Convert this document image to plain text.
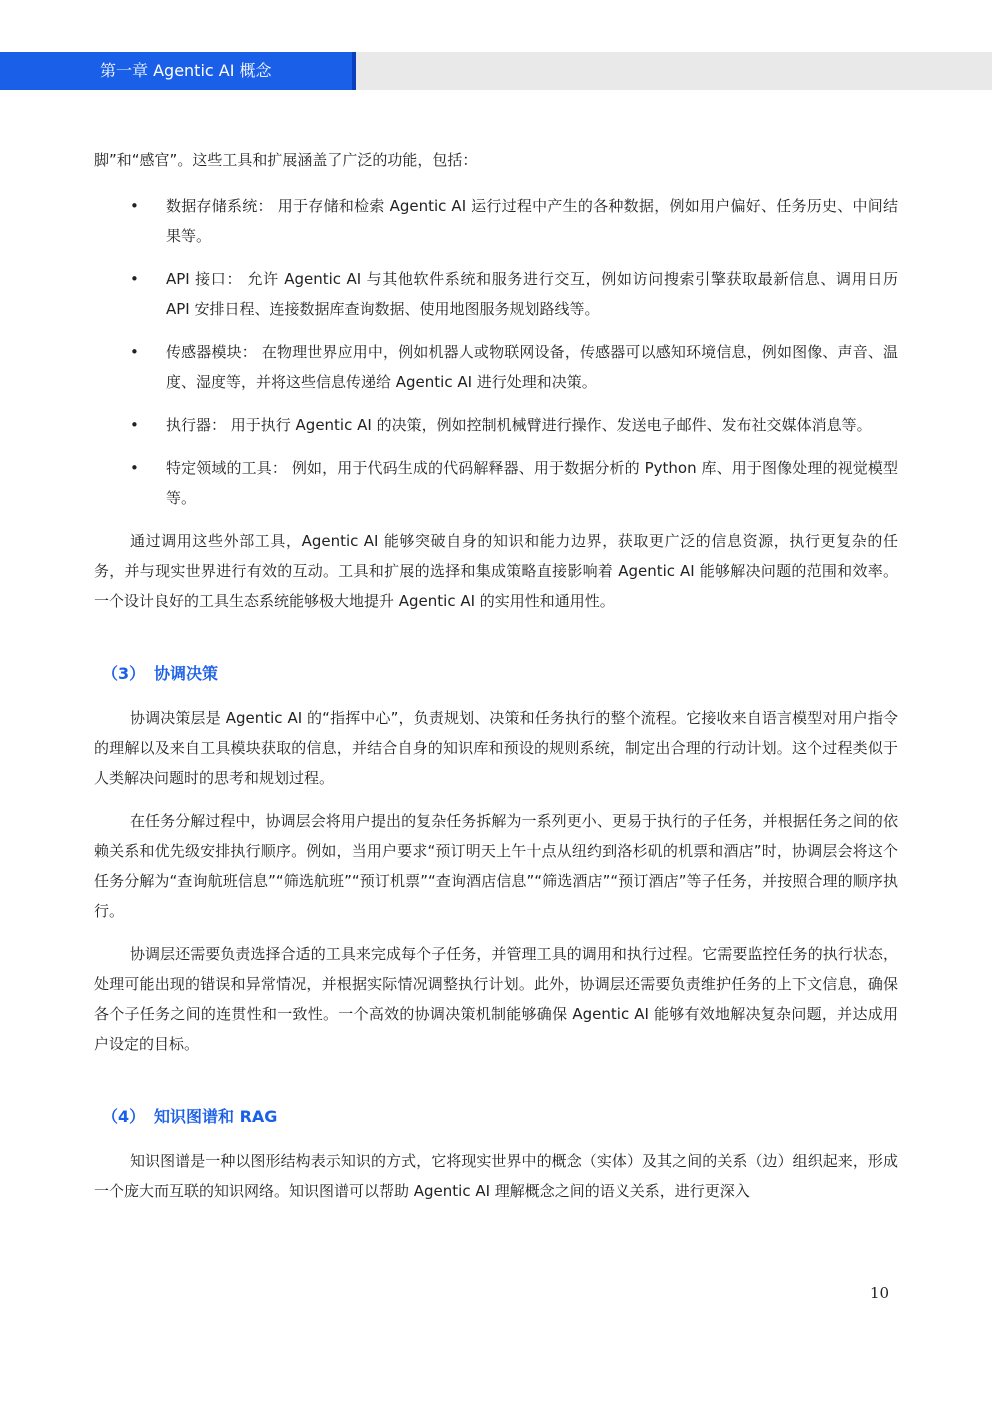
第一章 Agentic AI 概念

脚”和“感官”。这些工具和扩展涵盖了广泛的功能，包括：

• 数据存储系统： 用于存储和检索 Agentic AI 运行过程中产生的各种数据，例如用户偏好、任务历史、中间结果等。
• API 接口： 允许 Agentic AI 与其他软件系统和服务进行交互，例如访问搜索引擎获取最新信息、调用日历 API 安排日程、连接数据库查询数据、使用地图服务规划路线等。
• 传感器模块： 在物理世界应用中，例如机器人或物联网设备，传感器可以感知环境信息，例如图像、声音、温度、湿度等，并将这些信息传递给 Agentic AI 进行处理和决策。
• 执行器： 用于执行 Agentic AI 的决策，例如控制机械臂进行操作、发送电子邮件、发布社交媒体消息等。
• 特定领域的工具： 例如，用于代码生成的代码解释器、用于数据分析的 Python 库、用于图像处理的视觉模型等。

通过调用这些外部工具，Agentic AI 能够突破自身的知识和能力边界，获取更广泛的信息资源，执行更复杂的任务，并与现实世界进行有效的互动。工具和扩展的选择和集成策略直接影响着 Agentic AI 能够解决问题的范围和效率。一个设计良好的工具生态系统能够极大地提升 Agentic AI 的实用性和通用性。

（3） 协调决策

协调决策层是 Agentic AI 的“指挥中心”，负责规划、决策和任务执行的整个流程。它接收来自语言模型对用户指令的理解以及来自工具模块获取的信息，并结合自身的知识库和预设的规则系统，制定出合理的行动计划。这个过程类似于人类解决问题时的思考和规划过程。

在任务分解过程中，协调层会将用户提出的复杂任务拆解为一系列更小、更易于执行的子任务，并根据任务之间的依赖关系和优先级安排执行顺序。例如，当用户要求“预订明天上午十点从纽约到洛杉矶的机票和酒店”时，协调层会将这个任务分解为“查询航班信息”“筛选航班”“预订机票”“查询酒店信息”“筛选酒店”“预订酒店”等子任务，并按照合理的顺序执行。

协调层还需要负责选择合适的工具来完成每个子任务，并管理工具的调用和执行过程。它需要监控任务的执行状态，处理可能出现的错误和异常情况，并根据实际情况调整执行计划。此外，协调层还需要负责维护任务的上下文信息，确保各个子任务之间的连贯性和一致性。一个高效的协调决策机制能够确保 Agentic AI 能够有效地解决复杂问题，并达成用户设定的目标。

（4） 知识图谱和 RAG

知识图谱是一种以图形结构表示知识的方式，它将现实世界中的概念（实体）及其之间的关系（边）组织起来，形成一个庞大而互联的知识网络。知识图谱可以帮助 Agentic AI 理解概念之间的语义关系，进行更深入

10
